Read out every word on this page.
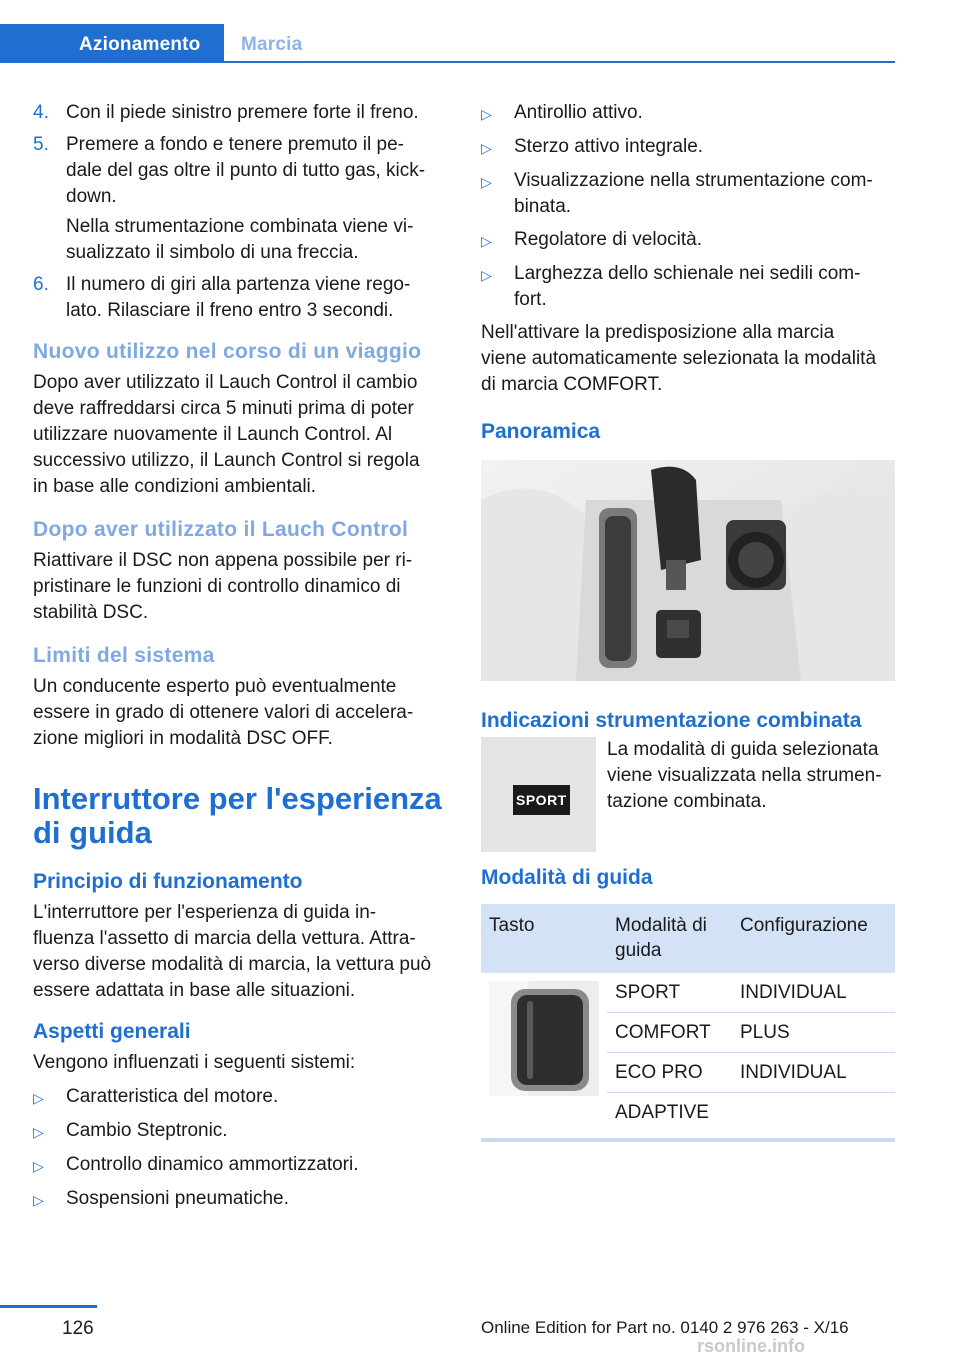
Azionamento	Marcia
4. Con il piede sinistro premere forte il freno.
5. Premere a fondo e tenere premuto il pe-
dale del gas oltre il punto di tutto gas, kick-
down.
Nella strumentazione combinata viene vi-
sualizzato il simbolo di una freccia.
6. Il numero di giri alla partenza viene rego-
lato. Rilasciare il freno entro 3 secondi.
Nuovo utilizzo nel corso di un viaggio

Dopo aver utilizzato il Lauch Control il cambio
deve raffreddarsi circa 5 minuti prima di poter
utilizzare nuovamente il Launch Control. Al
successivo utilizzo, il Launch Control si regola
in base alle condizioni ambientali.

Dopo aver utilizzato il Lauch Control

Riattivare il DSC non appena possibile per ri-
pristinare le funzioni di controllo dinamico di
stabilità DSC.

Limiti del sistema

Un conducente esperto può eventualmente
essere in grado di ottenere valori di accelera-
zione migliori in modalità DSC OFF.

Interruttore per l'esperienza
di guida
Principio di funzionamento

L'interruttore per l'esperienza di guida in-
fluenza l'assetto di marcia della vettura. Attra-
verso diverse modalità di marcia, la vettura può
essere adattata in base alle situazioni.

Aspetti generali

Vengono influenzati i seguenti sistemi:

▷	Caratteristica del motore.
▷	Cambio Steptronic.
▷	Controllo dinamico ammortizzatori.
▷	Sospensioni pneumatiche.
▷	Antirollio attivo.
▷	Sterzo attivo integrale.
▷	Visualizzazione nella strumentazione com-
binata.
▷	Regolatore di velocità.
▷	Larghezza dello schienale nei sedili com-
fort.

Nell'attivare la predisposizione alla marcia
viene automaticamente selezionata la modalità
di marcia COMFORT.

Panoramica
Indicazioni strumentazione combinata
SPORT
La modalità di guida selezionata
viene visualizzata nella strumen-
tazione combinata.
Modalità di guida
Tasto	Modalità di
guida	Configurazione

	SPORT	INDIVIDUAL
	COMFORT	PLUS
	ECO PRO	INDIVIDUAL
	ADAPTIVE	
126	Online Edition for Part no. 0140 2 976 263 - X/16
rsonline.info
